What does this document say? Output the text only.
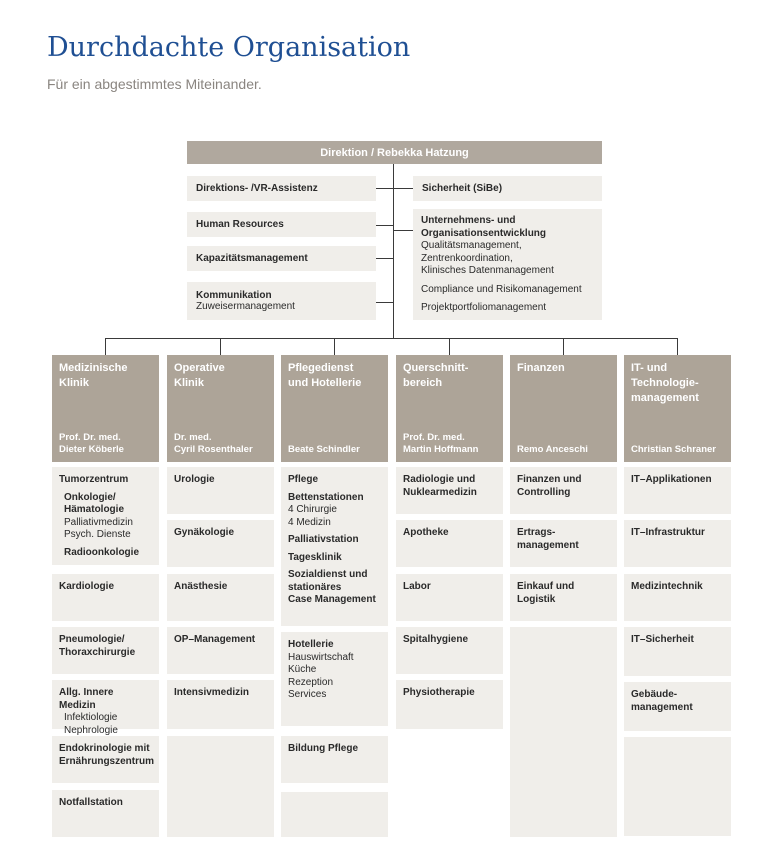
Durchdachte Organisation
Für ein abgestimmtes Miteinander.
Direktion / Rebekka Hatzung
Direktions- /VR-Assistenz
Human Resources
Kapazitätsmanagement
Kommunikation
Zuweisermanagement
Sicherheit (SiBe)
Unternehmens- und
Organisationsentwicklung
Qualitätsmanagement,
Zentrenkoordination,
Klinisches Datenmanagement
Compliance und Risikomanagement
Projektportfoliomanagement
Medizinische
Klinik
Prof. Dr. med.
Dieter Köberle
Tumorzentrum
Onkologie/
Hämatologie
Palliativmedizin
Psych. Dienste
Radioonkologie
Kardiologie
Pneumologie/
Thoraxchirurgie
Allg. Innere Medizin
Infektiologie
Nephrologie
Endokrinologie mit
Ernährungszentrum
Notfallstation
Operative
Klinik
Dr. med.
Cyril Rosenthaler
Urologie
Gynäkologie
Anästhesie
OP–Management
Intensivmedizin
Pflegedienst
und Hotellerie

Beate Schindler
Pflege
Bettenstationen
4 Chirurgie
4 Medizin
Palliativstation
Tagesklinik
Sozialdienst und
stationäres
Case Management
Hotellerie
Hauswirtschaft
Küche
Rezeption
Services
Bildung Pflege
Querschnitt-
bereich
Prof. Dr. med.
Martin Hoffmann
Radiologie und
Nuklearmedizin
Apotheke
Labor
Spitalhygiene
Physiotherapie
Finanzen

Remo Anceschi
Finanzen und
Controlling
Ertrags-
management
Einkauf und
Logistik
IT- und
Technologie-
management

Christian Schraner
IT–Applikationen
IT–Infrastruktur
Medizintechnik
IT–Sicherheit
Gebäude-
management
